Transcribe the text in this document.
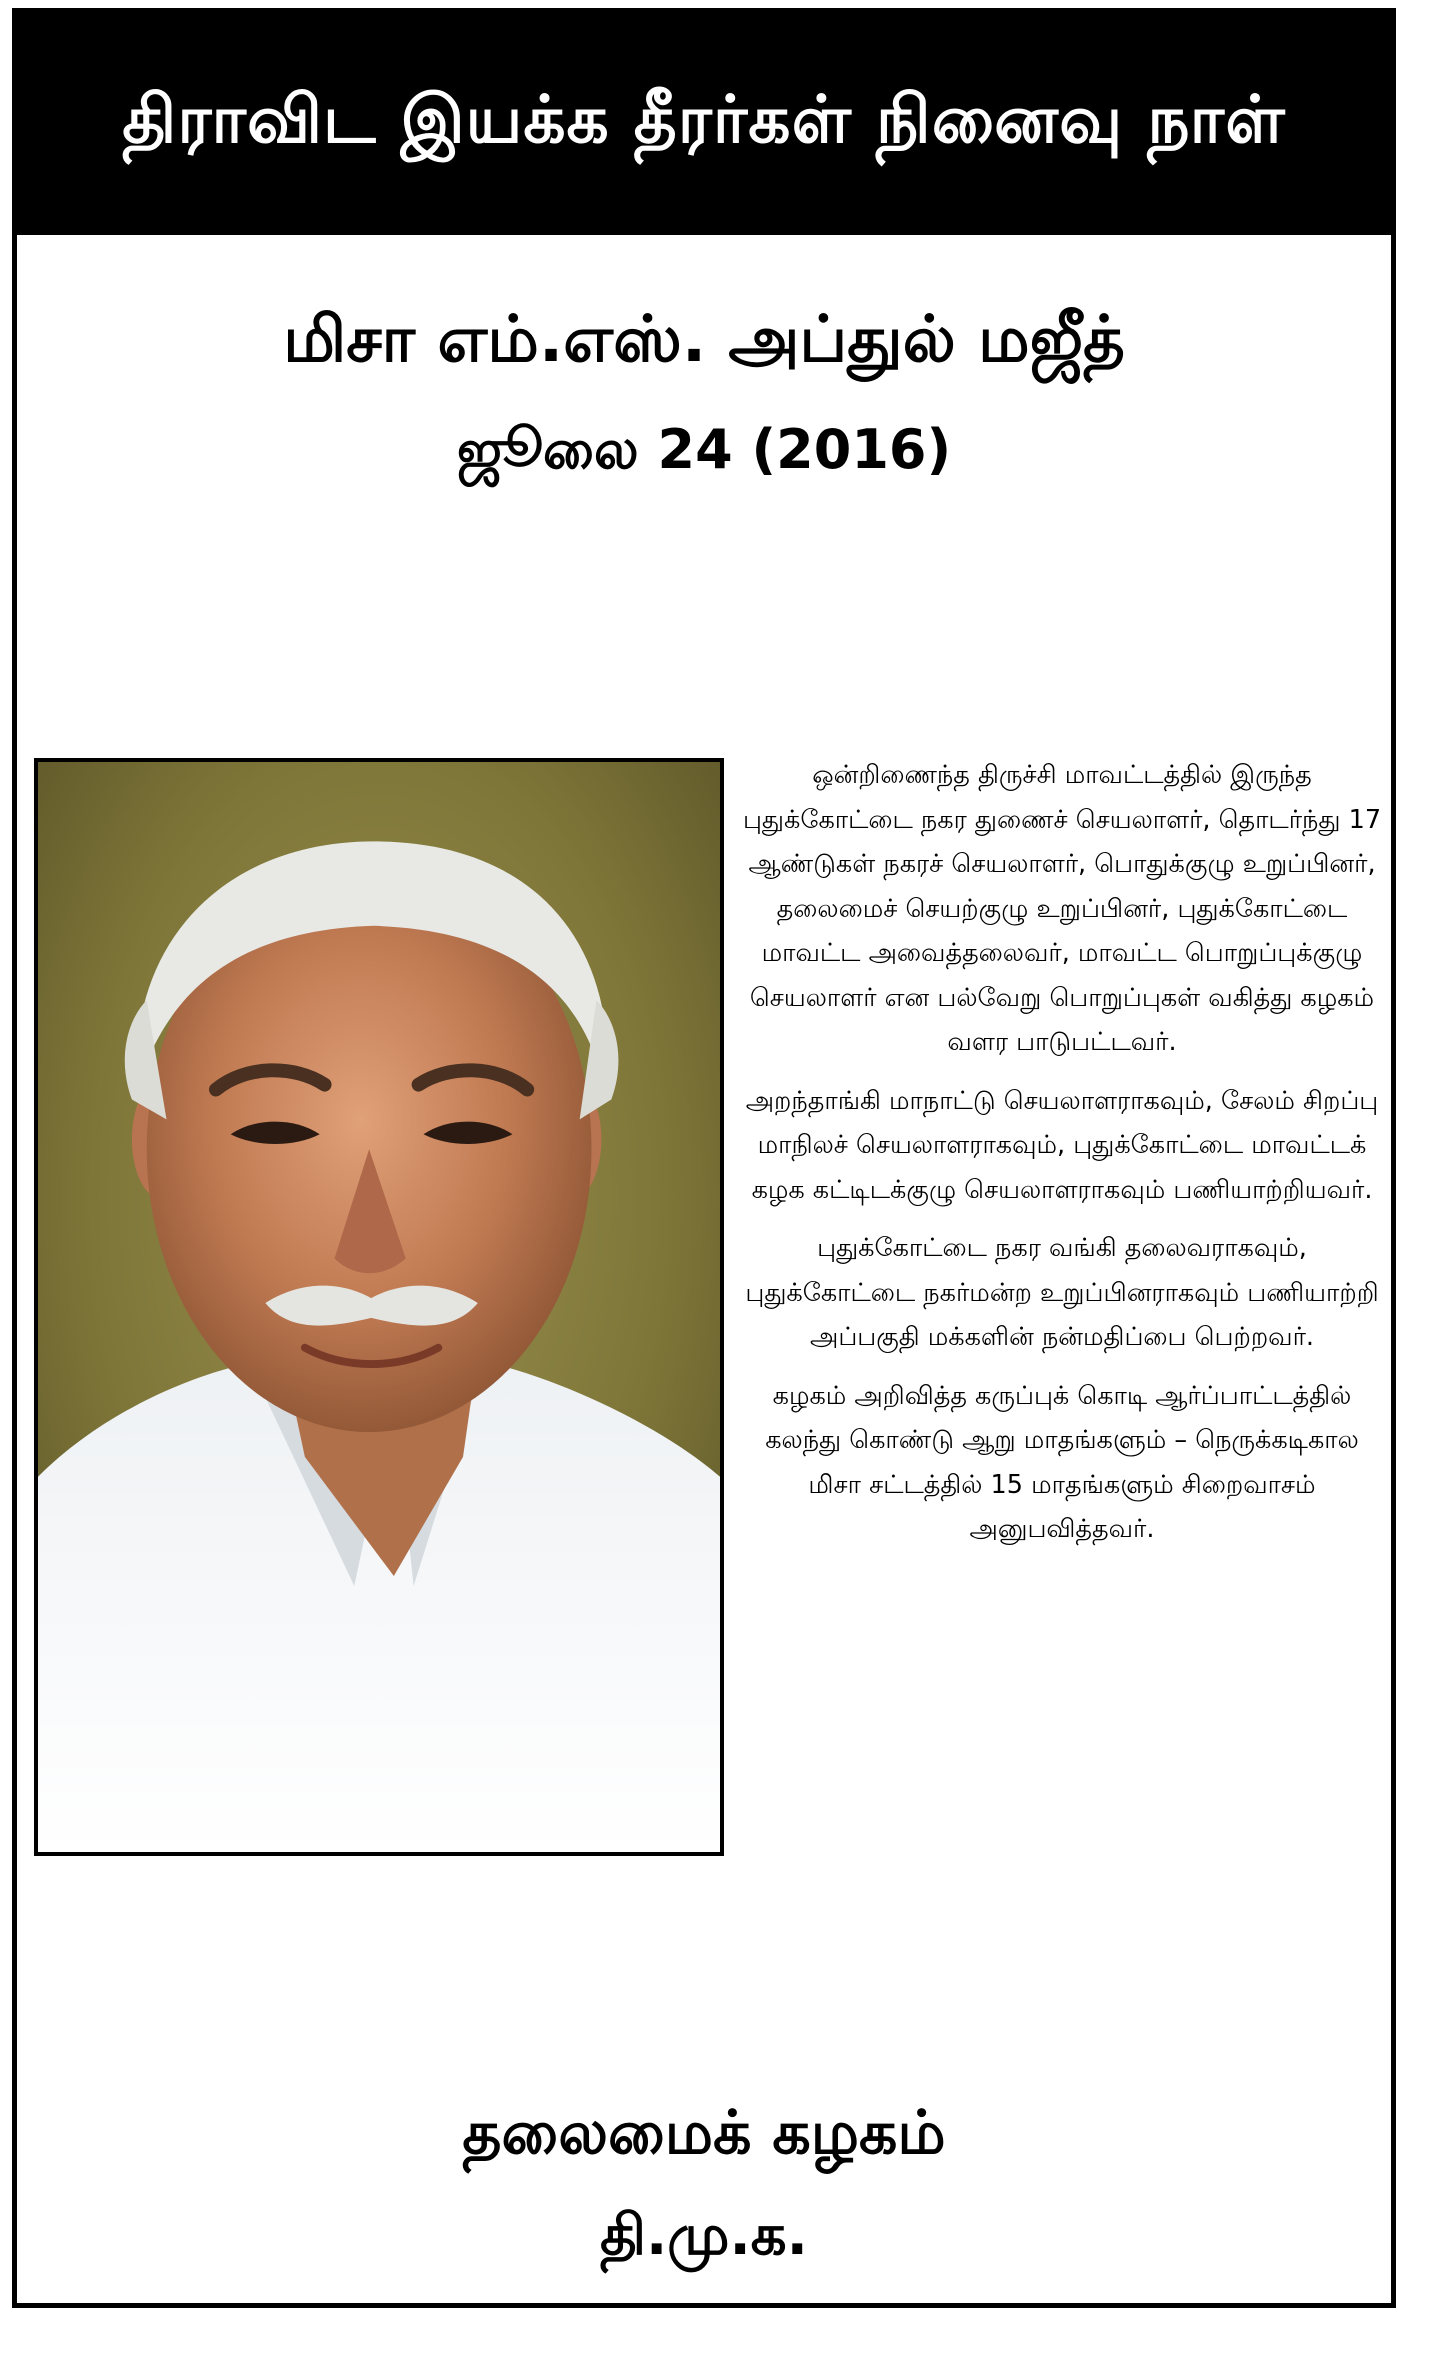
திராவிட இயக்க தீரர்கள் நினைவு நாள்
மிசா எம்.எஸ். அப்துல் மஜீத்
ஜூலை 24 (2016)

ஒன்றிணைந்த திருச்சி மாவட்டத்தில் இருந்த புதுக்கோட்டை நகர துணைச் செயலாளர், தொடர்ந்து 17 ஆண்டுகள் நகரச் செயலாளர், பொதுக்குழு உறுப்பினர், தலைமைச் செயற்குழு உறுப்பினர், புதுக்கோட்டை மாவட்ட அவைத்தலைவர், மாவட்ட பொறுப்புக்குழு செயலாளர் என பல்வேறு பொறுப்புகள் வகித்து கழகம் வளர பாடுபட்டவர்.

அறந்தாங்கி மாநாட்டு செயலாளராகவும், சேலம் சிறப்பு மாநிலச் செயலாளராகவும், புதுக்கோட்டை மாவட்டக் கழக கட்டிடக்குழு செயலாளராகவும் பணியாற்றியவர்.

புதுக்கோட்டை நகர வங்கி தலைவராகவும், புதுக்கோட்டை நகர்மன்ற உறுப்பினராகவும் பணியாற்றி அப்பகுதி மக்களின் நன்மதிப்பை பெற்றவர்.

கழகம் அறிவித்த கருப்புக் கொடி ஆர்ப்பாட்டத்தில் கலந்து கொண்டு ஆறு மாதங்களும் – நெருக்கடிகால மிசா சட்டத்தில் 15 மாதங்களும் சிறைவாசம் அனுபவித்தவர்.

தலைமைக் கழகம்
தி.மு.க.
